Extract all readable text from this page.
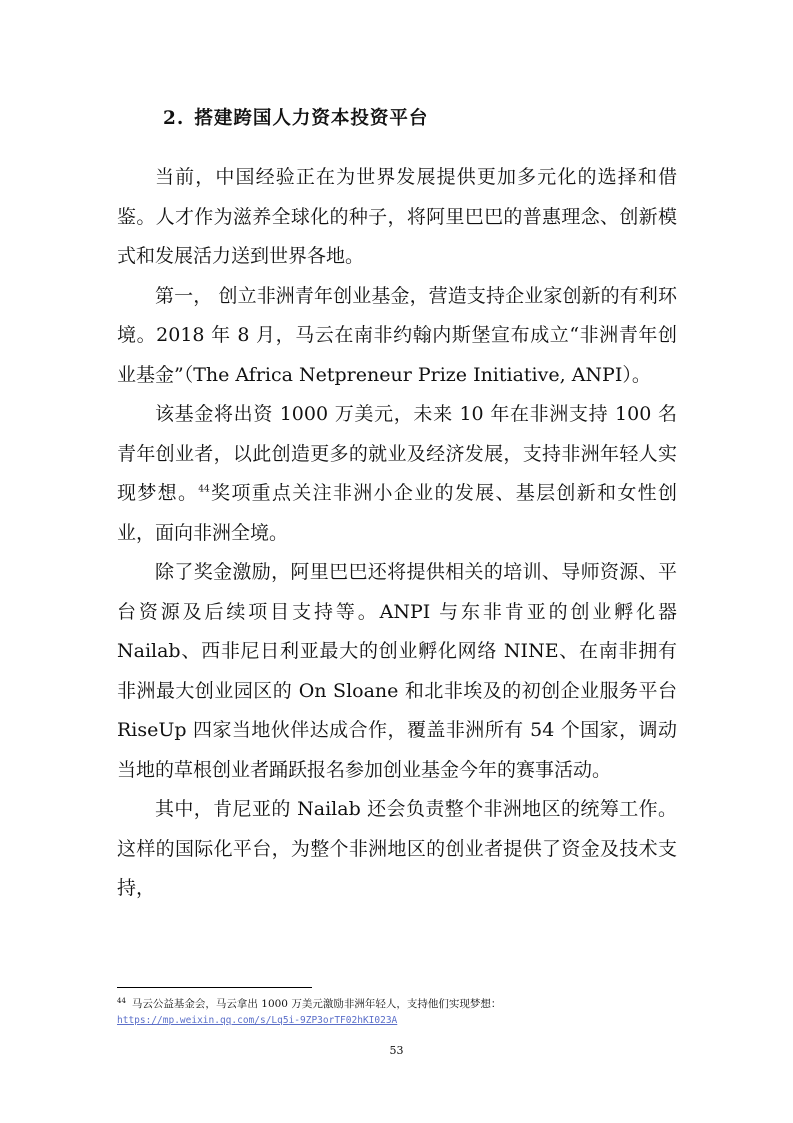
2. 搭建跨国人力资本投资平台

当前，中国经验正在为世界发展提供更加多元化的选择和借鉴。人才作为滋养全球化的种子，将阿里巴巴的普惠理念、创新模式和发展活力送到世界各地。

第一， 创立非洲青年创业基金，营造支持企业家创新的有利环境。2018 年 8 月，马云在南非约翰内斯堡宣布成立“非洲青年创业基金”（The Africa Netpreneur Prize Initiative, ANPI）。

该基金将出资 1000 万美元，未来 10 年在非洲支持 100 名青年创业者，以此创造更多的就业及经济发展，支持非洲年轻人实现梦想。$^{44}$奖项重点关注非洲小企业的发展、基层创新和女性创业，面向非洲全境。

除了奖金激励，阿里巴巴还将提供相关的培训、导师资源、平台资源及后续项目支持等。ANPI 与东非肯亚的创业孵化器 Nailab、西非尼日利亚最大的创业孵化网络 NINE、在南非拥有非洲最大创业园区的 On Sloane 和北非埃及的初创企业服务平台 RiseUp 四家当地伙伴达成合作，覆盖非洲所有 54 个国家，调动当地的草根创业者踊跃报名参加创业基金今年的赛事活动。

其中，肯尼亚的 Nailab 还会负责整个非洲地区的统筹工作。这样的国际化平台，为整个非洲地区的创业者提供了资金及技术支持，

$^{44}$ 马云公益基金会，马云拿出 1000 万美元激励非洲年轻人，支持他们实现梦想：
https://mp.weixin.qq.com/s/Lq5i-9ZP3orTF02hKI023A
53
